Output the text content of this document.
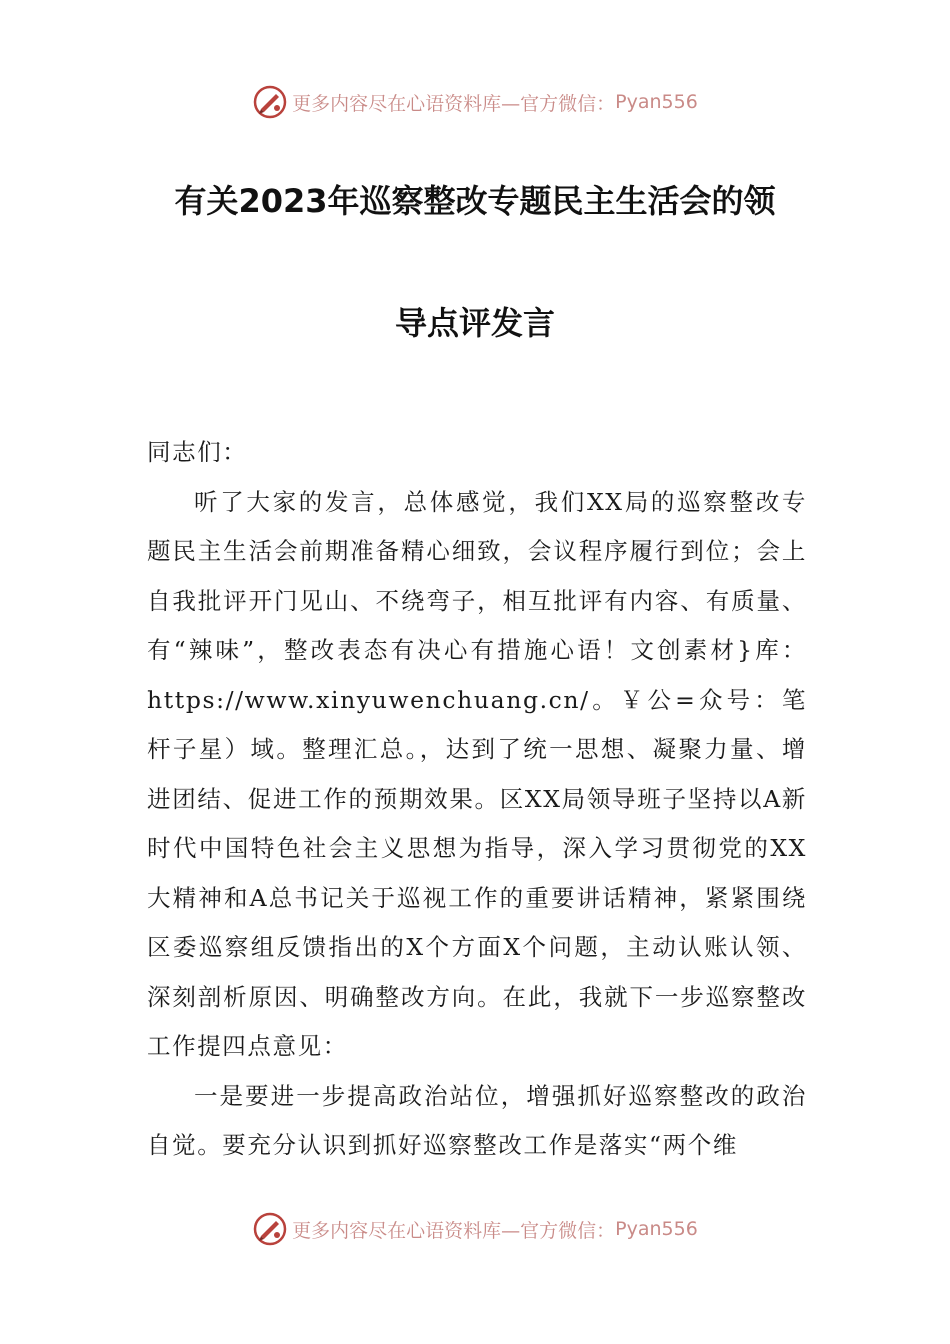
更多内容尽在心语资料库—官方微信： Pyan556
有关2023年巡察整改专题民主生活会的领
导点评发言

同志们：

听了大家的发言，总体感觉，我们XX局的巡察整改专题民主生活会前期准备精心细致，会议程序履行到位；会上自我批评开门见山、不绕弯子，相互批评有内容、有质量、有“辣味”，整改表态有决心有措施心语！文创素材}库：https://www.xinyuwenchuang.cn/。￥公=众号：笔杆子星）域。整理汇总。，达到了统一思想、凝聚力量、增进团结、促进工作的预期效果。区XX局领导班子坚持以A新时代中国特色社会主义思想为指导，深入学习贯彻党的XX大精神和A总书记关于巡视工作的重要讲话精神，紧紧围绕区委巡察组反馈指出的X个方面X个问题，主动认账认领、深刻剖析原因、明确整改方向。在此，我就下一步巡察整改工作提四点意见：

一是要进一步提高政治站位，增强抓好巡察整改的政治自觉。要充分认识到抓好巡察整改工作是落实“两个维

更多内容尽在心语资料库—官方微信： Pyan556
